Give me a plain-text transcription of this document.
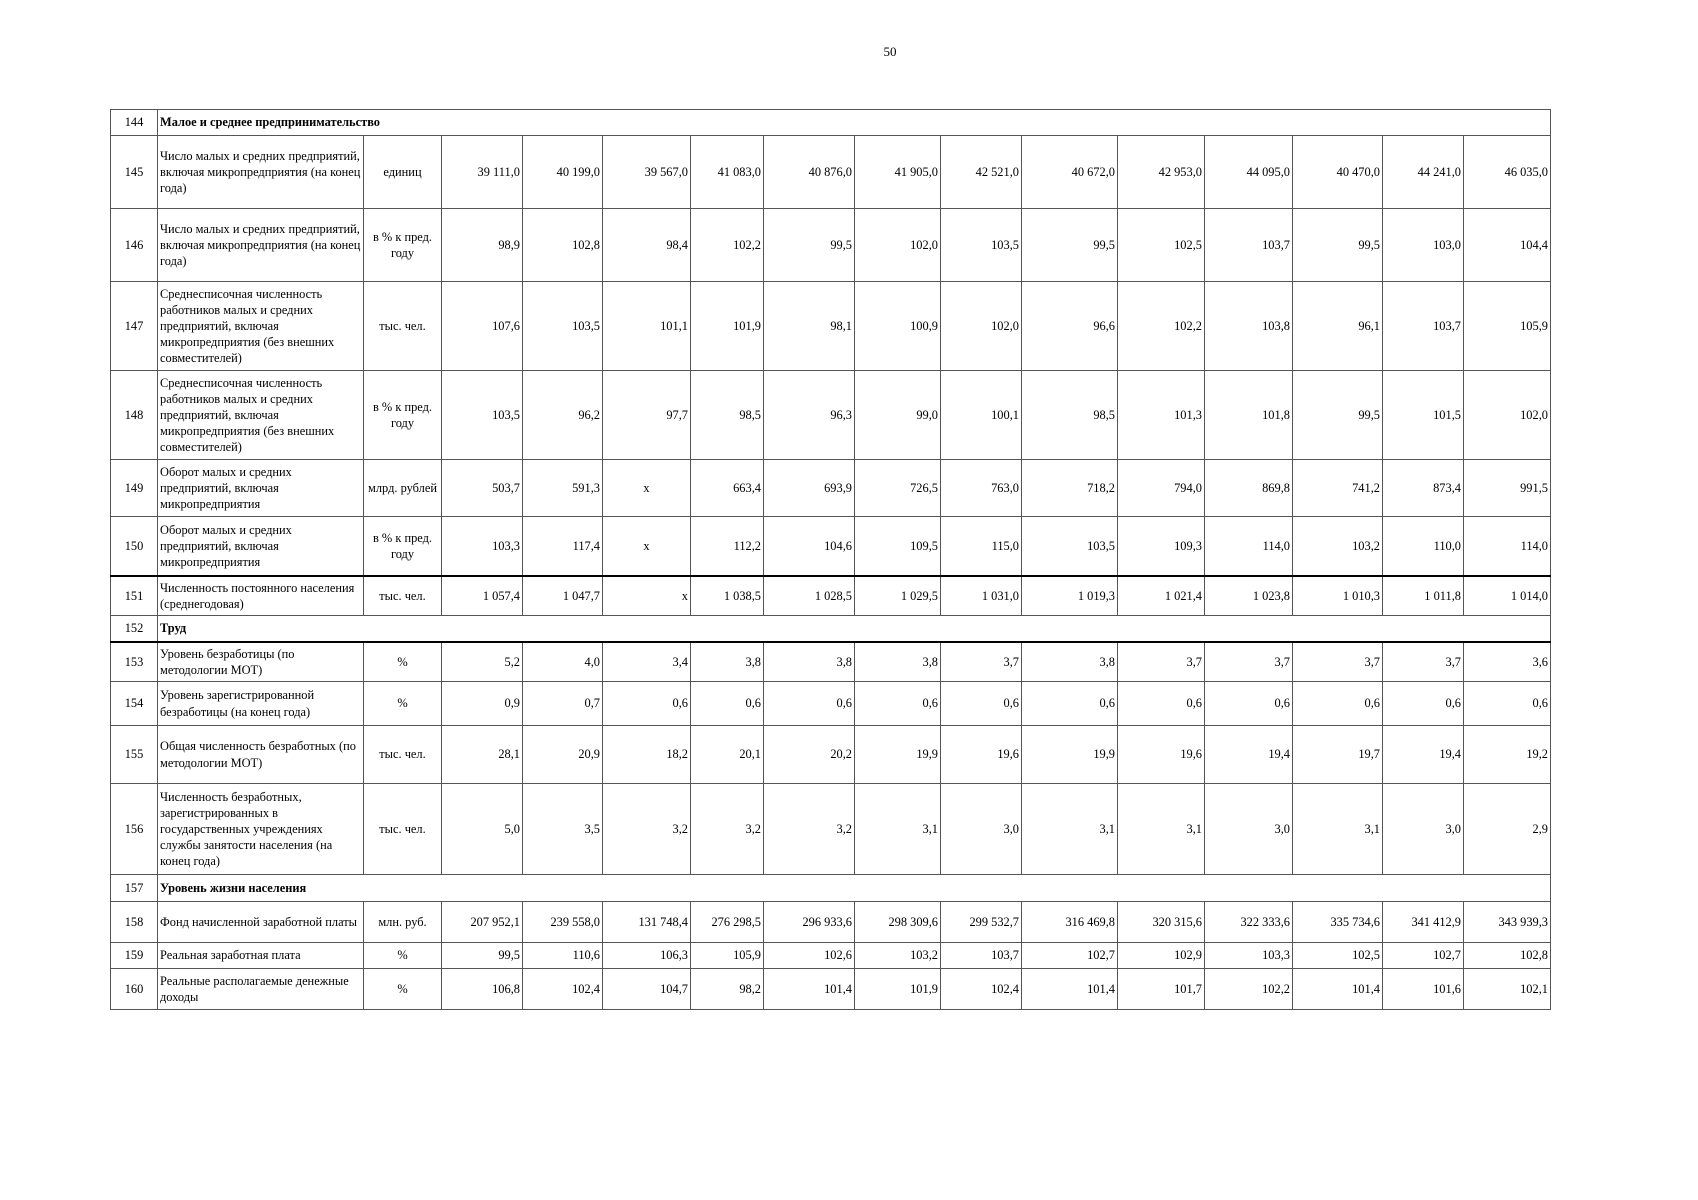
50
144	Малое и среднее предпринимательство														
145	Число малых и средних предприятий, включая микропредприятия (на конец года)	единиц	39 111,0	40 199,0	39 567,0	41 083,0	40 876,0	41 905,0	42 521,0	40 672,0	42 953,0	44 095,0	40 470,0	44 241,0	46 035,0
146	Число малых и средних предприятий, включая микропредприятия (на конец года)	в % к пред. году	98,9	102,8	98,4	102,2	99,5	102,0	103,5	99,5	102,5	103,7	99,5	103,0	104,4
147	Среднесписочная численность работников малых и средних предприятий, включая микропредприятия (без внешних совместителей)	тыс. чел.	107,6	103,5	101,1	101,9	98,1	100,9	102,0	96,6	102,2	103,8	96,1	103,7	105,9
148	Среднесписочная численность работников малых и средних предприятий, включая микропредприятия (без внешних совместителей)	в % к пред. году	103,5	96,2	97,7	98,5	96,3	99,0	100,1	98,5	101,3	101,8	99,5	101,5	102,0
149	Оборот малых и средних предприятий, включая микропредприятия	млрд. рублей	503,7	591,3	x	663,4	693,9	726,5	763,0	718,2	794,0	869,8	741,2	873,4	991,5
150	Оборот малых и средних предприятий, включая микропредприятия	в % к пред. году	103,3	117,4	x	112,2	104,6	109,5	115,0	103,5	109,3	114,0	103,2	110,0	114,0
151	Численность постоянного населения (среднегодовая)	тыс. чел.	1 057,4	1 047,7	x	1 038,5	1 028,5	1 029,5	1 031,0	1 019,3	1 021,4	1 023,8	1 010,3	1 011,8	1 014,0
152	Труд														
153	Уровень безработицы (по методологии МОТ)	%	5,2	4,0	3,4	3,8	3,8	3,8	3,7	3,8	3,7	3,7	3,7	3,7	3,6
154	Уровень зарегистрированной безработицы (на конец года)	%	0,9	0,7	0,6	0,6	0,6	0,6	0,6	0,6	0,6	0,6	0,6	0,6	0,6
155	Общая численность безработных (по методологии МОТ)	тыс. чел.	28,1	20,9	18,2	20,1	20,2	19,9	19,6	19,9	19,6	19,4	19,7	19,4	19,2
156	Численность безработных, зарегистрированных в государственных учреждениях службы занятости населения (на конец года)	тыс. чел.	5,0	3,5	3,2	3,2	3,2	3,1	3,0	3,1	3,1	3,0	3,1	3,0	2,9
157	Уровень жизни населения														
158	Фонд начисленной заработной платы	млн. руб.	207 952,1	239 558,0	131 748,4	276 298,5	296 933,6	298 309,6	299 532,7	316 469,8	320 315,6	322 333,6	335 734,6	341 412,9	343 939,3
159	Реальная заработная плата	%	99,5	110,6	106,3	105,9	102,6	103,2	103,7	102,7	102,9	103,3	102,5	102,7	102,8
160	Реальные располагаемые денежные доходы	%	106,8	102,4	104,7	98,2	101,4	101,9	102,4	101,4	101,7	102,2	101,4	101,6	102,1
